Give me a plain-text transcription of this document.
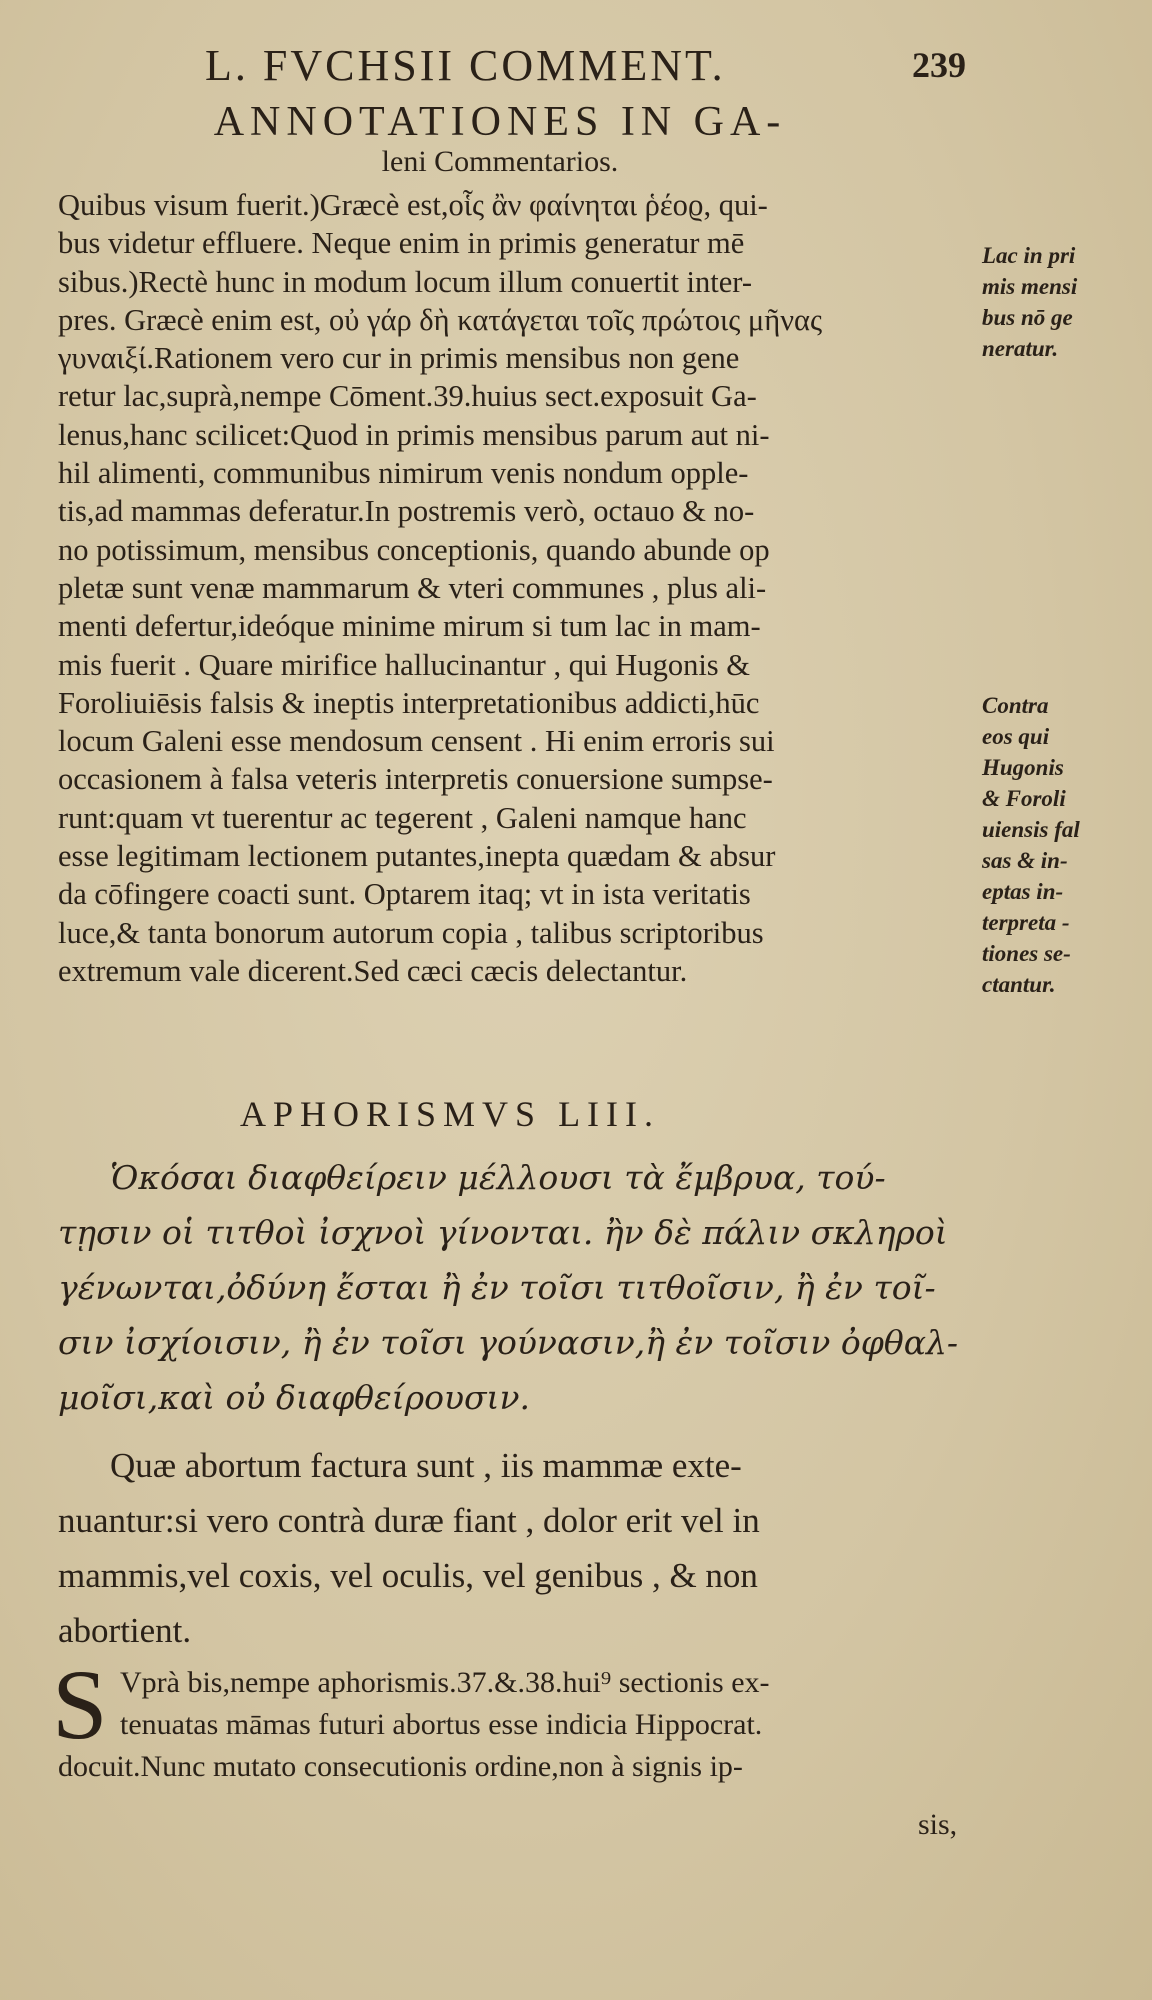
L. FVCHSII COMMENT.	239
ANNOTATIONES IN GA-
leni Commentarios.
Quibus visum fuerit.)Græcè est,οἷς ἂν φαίνηται ῥέοϱ, qui-
bus videtur effluere. Neque enim in primis generatur mē
sibus.)Rectè hunc in modum locum illum conuertit inter-
pres. Græcè enim est, οὐ γάρ δὴ κατάγεται τοῖς πρώτοις μῆνας
γυναιξί.Rationem vero cur in primis mensibus non gene
retur lac,suprà,nempe Cōment.39.huius sect.exposuit Ga-
lenus,hanc scilicet:Quod in primis mensibus parum aut ni-
hil alimenti, communibus nimirum venis nondum opple-
tis,ad mammas deferatur.In postremis verò, octauo & no-
no potissimum, mensibus conceptionis, quando abunde op
pletæ sunt venæ mammarum & vteri communes , plus ali-
menti defertur,ideóque minime mirum si tum lac in mam-
mis fuerit . Quare mirifice hallucinantur , qui Hugonis &
Foroliuiēsis falsis & ineptis interpretationibus addicti,hūc
locum Galeni esse mendosum censent . Hi enim erroris sui
occasionem à falsa veteris interpretis conuersione sumpse-
runt:quam vt tuerentur ac tegerent , Galeni namque hanc
esse legitimam lectionem putantes,inepta quædam & absur
da cōfingere coacti sunt. Optarem itaq; vt in ista veritatis
luce,& tanta bonorum autorum copia , talibus scriptoribus
extremum vale dicerent.Sed cæci cæcis delectantur.
Lac in pri
mis mensi
bus nō ge
neratur.
Contra
eos qui
Hugonis
& Foroli
uiensis fal
sas & in-
eptas in-
terpreta -
tiones se-
ctantur.
APHORISMVS LIII.
Ὁκόσαι διαφθείρειν μέλλουσι τὰ ἔμβρυα, τού-
τῃσιν οἱ τιτθοὶ ἰσχνοὶ γίνονται. ἢν δὲ πάλιν σκληροὶ
γένωνται,ὀδύνη ἔσται ἢ ἐν τοῖσι τιτθοῖσιν, ἢ ἐν τοῖ-
σιν ἰσχίοισιν, ἢ ἐν τοῖσι γούνασιν,ἢ ἐν τοῖσιν ὀφθαλ-
μοῖσι,καὶ οὐ διαφθείρουσιν.
Quæ abortum factura sunt , iis mammæ exte-
nuantur:si vero contrà duræ fiant , dolor erit vel in
mammis,vel coxis, vel oculis, vel genibus , & non
abortient.
S Vprà bis,nempe aphorismis.37.&.38.hui⁹ sectionis ex-
tenuatas māmas futuri abortus esse indicia Hippocrat.
docuit.Nunc mutato consecutionis ordine,non à signis ip-
sis,
